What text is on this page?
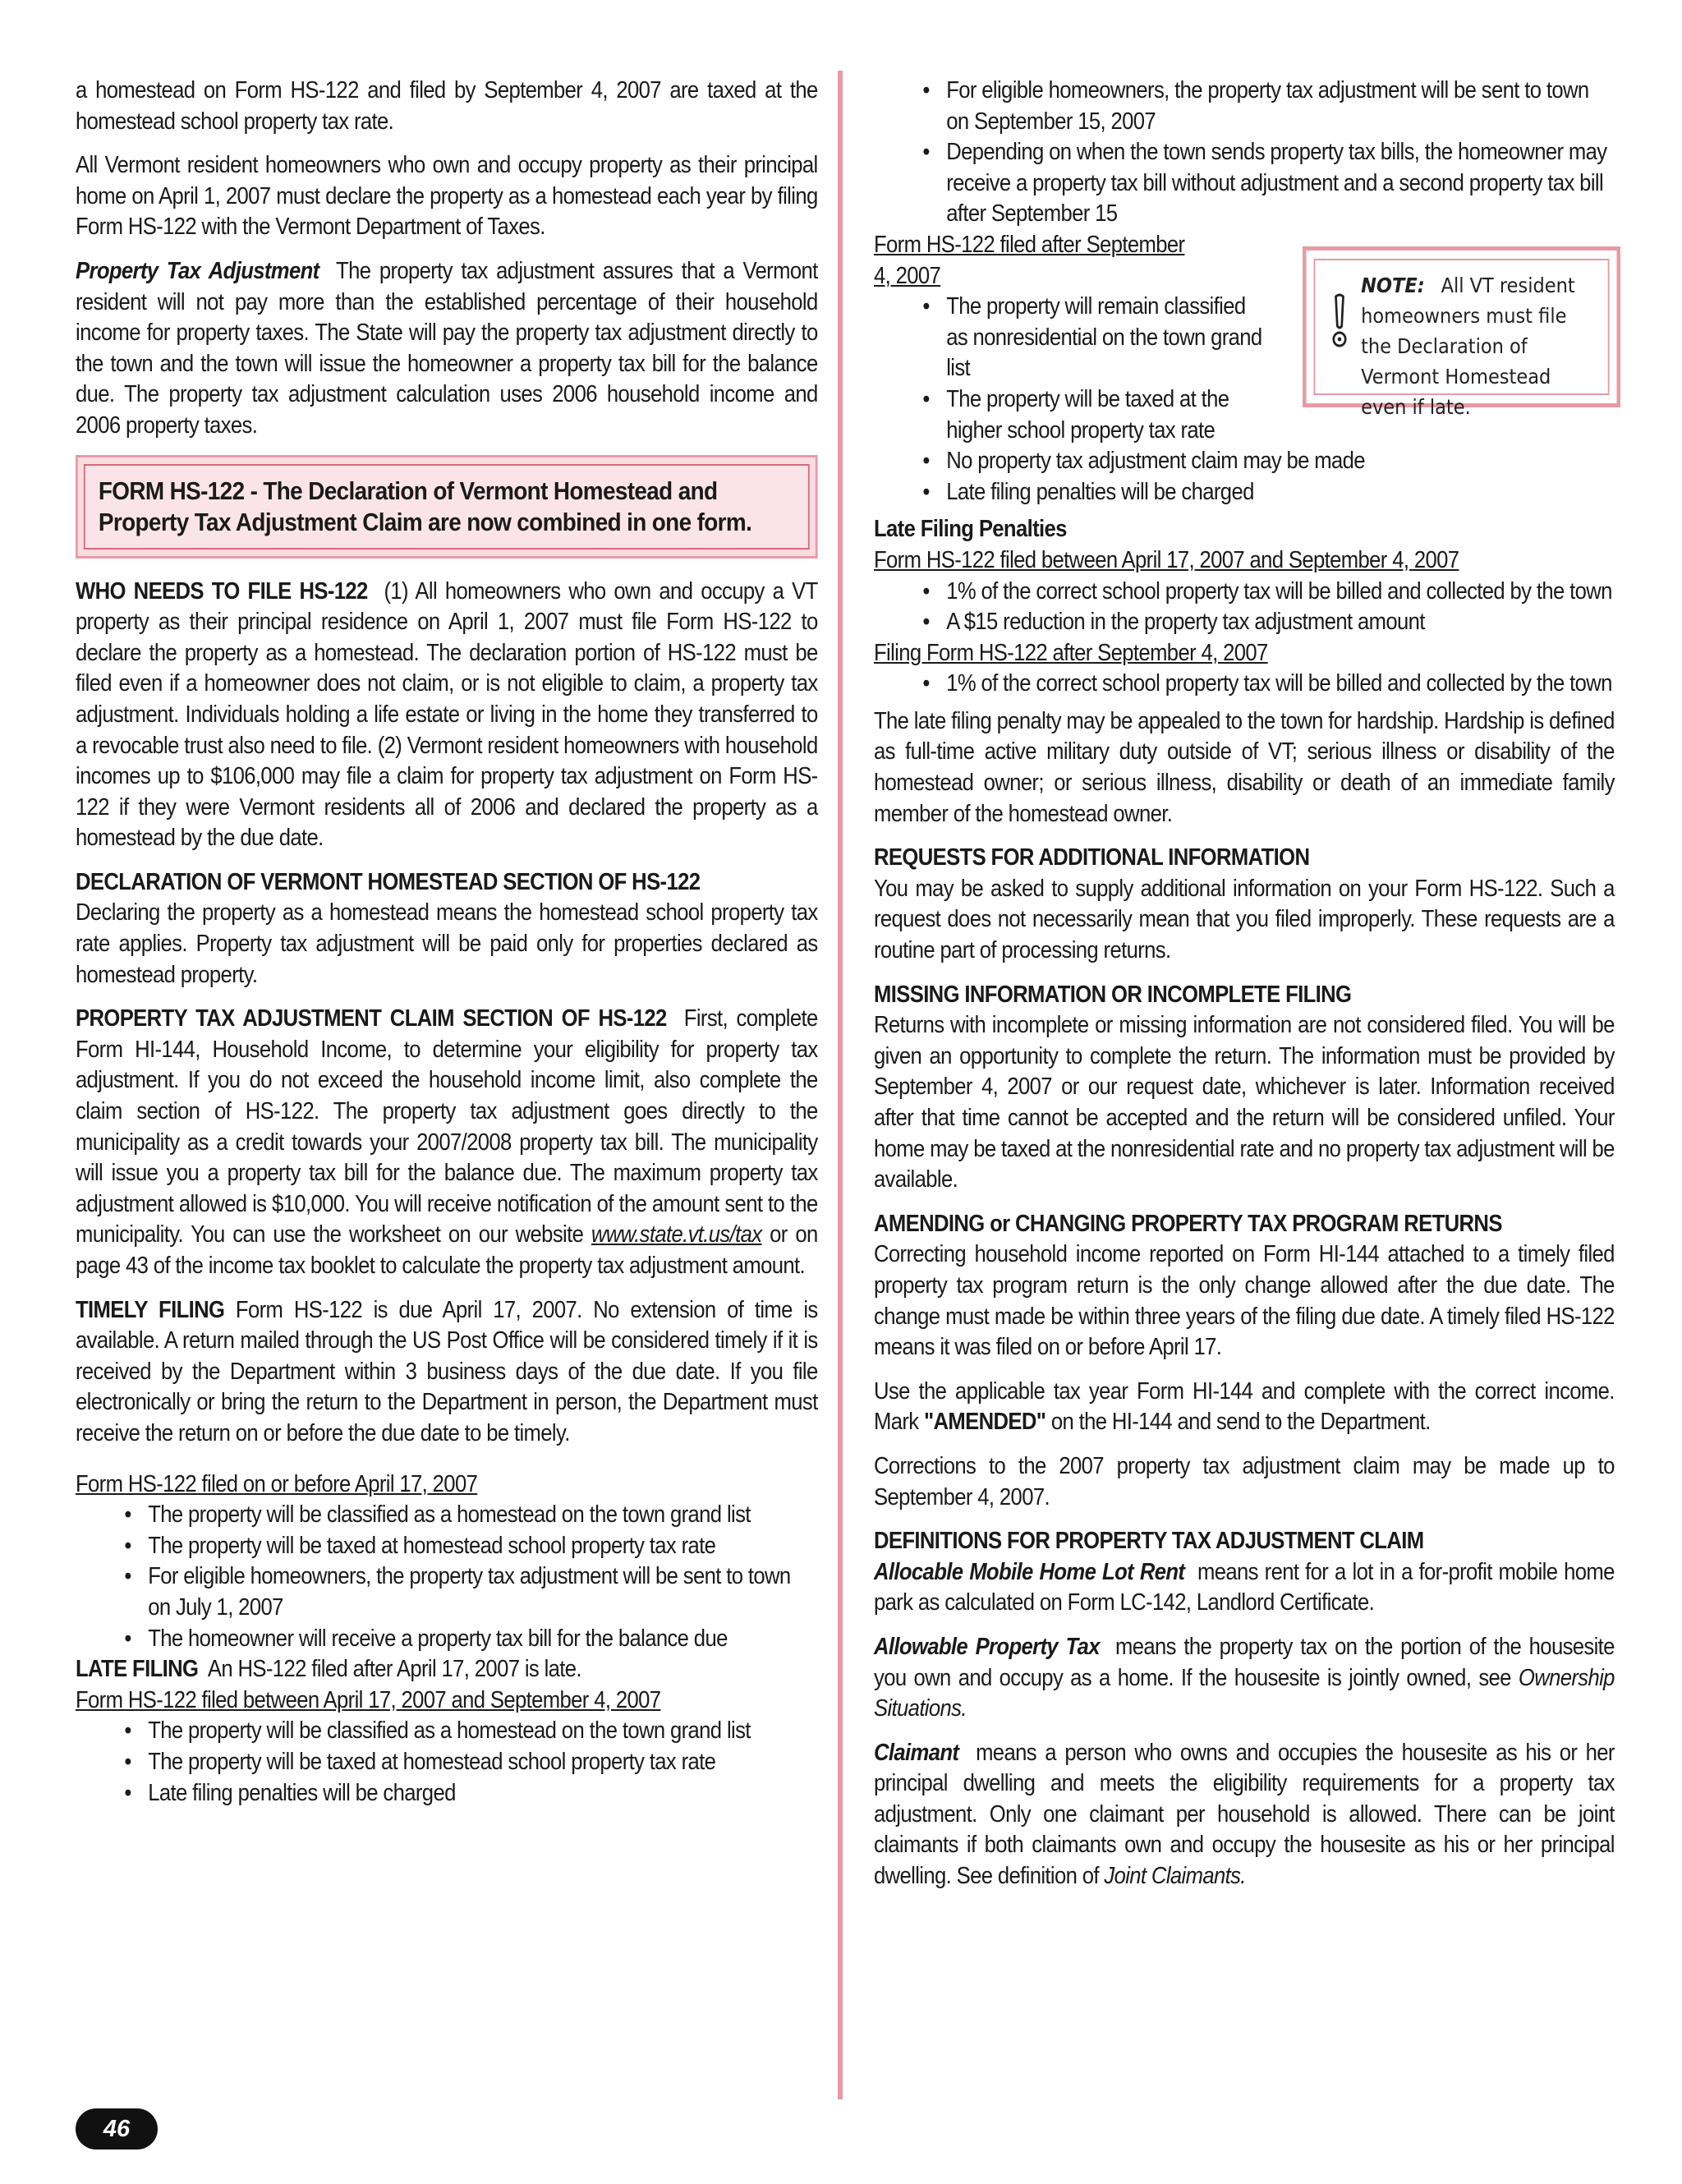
a homestead on Form HS-122 and filed by September 4, 2007 are taxed at the homestead school property tax rate.

All Vermont resident homeowners who own and occupy property as their principal home on April 1, 2007 must declare the property as a homestead each year by filing Form HS-122 with the Vermont Department of Taxes.

Property Tax Adjustment The property tax adjustment assures that a Vermont resident will not pay more than the established percentage of their household income for property taxes. The State will pay the property tax adjustment directly to the town and the town will issue the homeowner a property tax bill for the balance due. The property tax adjustment calculation uses 2006 household income and 2006 property taxes.

FORM HS-122 - The Declaration of Vermont Homestead and Property Tax Adjustment Claim are now combined in one form.

WHO NEEDS TO FILE HS-122 (1) All homeowners who own and occupy a VT property as their principal residence on April 1, 2007 must file Form HS-122 to declare the property as a homestead. The declaration portion of HS-122 must be filed even if a homeowner does not claim, or is not eligible to claim, a property tax adjustment. Individuals holding a life estate or living in the home they transferred to a revocable trust also need to file. (2) Vermont resident homeowners with household incomes up to $106,000 may file a claim for property tax adjustment on Form HS-122 if they were Vermont residents all of 2006 and declared the property as a homestead by the due date.

DECLARATION OF VERMONT HOMESTEAD SECTION OF HS-122

Declaring the property as a homestead means the homestead school property tax rate applies. Property tax adjustment will be paid only for properties declared as homestead property.

PROPERTY TAX ADJUSTMENT CLAIM SECTION OF HS-122 First, complete Form HI-144, Household Income, to determine your eligibility for property tax adjustment. If you do not exceed the household income limit, also complete the claim section of HS-122. The property tax adjustment goes directly to the municipality as a credit towards your 2007/2008 property tax bill. The municipality will issue you a property tax bill for the balance due. The maximum property tax adjustment allowed is $10,000. You will receive notification of the amount sent to the municipality. You can use the worksheet on our website www.state.vt.us/tax or on page 43 of the income tax booklet to calculate the property tax adjustment amount.

TIMELY FILING Form HS-122 is due April 17, 2007. No extension of time is available. A return mailed through the US Post Office will be considered timely if it is received by the Department within 3 business days of the due date. If you file electronically or bring the return to the Department in person, the Department must receive the return on or before the due date to be timely.

Form HS-122 filed on or before April 17, 2007

• The property will be classified as a homestead on the town grand list
• The property will be taxed at homestead school property tax rate
• For eligible homeowners, the property tax adjustment will be sent to town on July 1, 2007
• The homeowner will receive a property tax bill for the balance due

LATE FILING An HS-122 filed after April 17, 2007 is late.

Form HS-122 filed between April 17, 2007 and September 4, 2007

• The property will be classified as a homestead on the town grand list
• The property will be taxed at homestead school property tax rate
• Late filing penalties will be charged
• For eligible homeowners, the property tax adjustment will be sent to town on September 15, 2007
• Depending on when the town sends property tax bills, the homeowner may receive a property tax bill without adjustment and a second property tax bill after September 15
NOTE: All VT resident homeowners must file the Declaration of Vermont Homestead even if late.

Form HS-122 filed after September

4, 2007

• The property will remain classified as nonresidential on the town grand list
• The property will be taxed at the higher school property tax rate
• No property tax adjustment claim may be made
• Late filing penalties will be charged

Late Filing Penalties

Form HS-122 filed between April 17, 2007 and September 4, 2007

• 1% of the correct school property tax will be billed and collected by the town
• A $15 reduction in the property tax adjustment amount

Filing Form HS-122 after September 4, 2007

• 1% of the correct school property tax will be billed and collected by the town

The late filing penalty may be appealed to the town for hardship. Hardship is defined as full-time active military duty outside of VT; serious illness or disability of the homestead owner; or serious illness, disability or death of an immediate family member of the homestead owner.

REQUESTS FOR ADDITIONAL INFORMATION

You may be asked to supply additional information on your Form HS-122. Such a request does not necessarily mean that you filed improperly. These requests are a routine part of processing returns.

MISSING INFORMATION OR INCOMPLETE FILING

Returns with incomplete or missing information are not considered filed. You will be given an opportunity to complete the return. The information must be provided by September 4, 2007 or our request date, whichever is later. Information received after that time cannot be accepted and the return will be considered unfiled. Your home may be taxed at the nonresidential rate and no property tax adjustment will be available.

AMENDING or CHANGING PROPERTY TAX PROGRAM RETURNS

Correcting household income reported on Form HI-144 attached to a timely filed property tax program return is the only change allowed after the due date. The change must made be within three years of the filing due date. A timely filed HS-122 means it was filed on or before April 17.

Use the applicable tax year Form HI-144 and complete with the correct income. Mark "AMENDED" on the HI-144 and send to the Department.

Corrections to the 2007 property tax adjustment claim may be made up to September 4, 2007.

DEFINITIONS FOR PROPERTY TAX ADJUSTMENT CLAIM

Allocable Mobile Home Lot Rent means rent for a lot in a for-profit mobile home park as calculated on Form LC-142, Landlord Certificate.

Allowable Property Tax means the property tax on the portion of the housesite you own and occupy as a home. If the housesite is jointly owned, see Ownership Situations.

Claimant means a person who owns and occupies the housesite as his or her principal dwelling and meets the eligibility requirements for a property tax adjustment. Only one claimant per household is allowed. There can be joint claimants if both claimants own and occupy the housesite as his or her principal dwelling. See definition of Joint Claimants.

46
